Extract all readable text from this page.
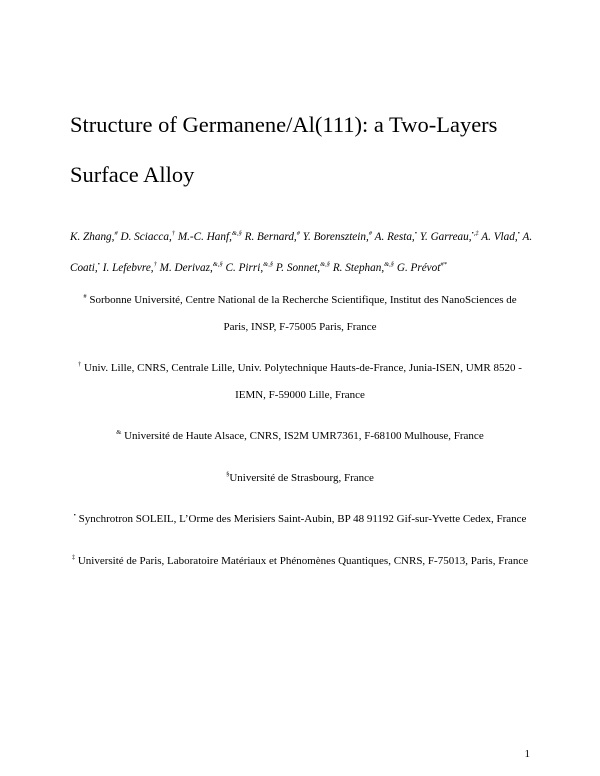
Structure of Germanene/Al(111): a Two-Layers Surface Alloy

K. Zhang,# D. Sciacca,† M.-C. Hanf,&,§ R. Bernard,# Y. Borensztein,# A. Resta,• Y. Garreau,•,‡ A. Vlad,• A. Coati,• I. Lefebvre,† M. Derivaz,&,§ C. Pirri,&,§ P. Sonnet,&,§ R. Stephan,&,§ G. Prévot#*

# Sorbonne Université, Centre National de la Recherche Scientifique, Institut des NanoSciences de Paris, INSP, F-75005 Paris, France

† Univ. Lille, CNRS, Centrale Lille, Univ. Polytechnique Hauts-de-France, Junia-ISEN, UMR 8520 - IEMN, F-59000 Lille, France

& Université de Haute Alsace, CNRS, IS2M UMR7361, F-68100 Mulhouse, France

§Université de Strasbourg, France

• Synchrotron SOLEIL, L’Orme des Merisiers Saint-Aubin, BP 48 91192 Gif-sur-Yvette Cedex, France

‡ Université de Paris, Laboratoire Matériaux et Phénomènes Quantiques, CNRS, F-75013, Paris, France

1
